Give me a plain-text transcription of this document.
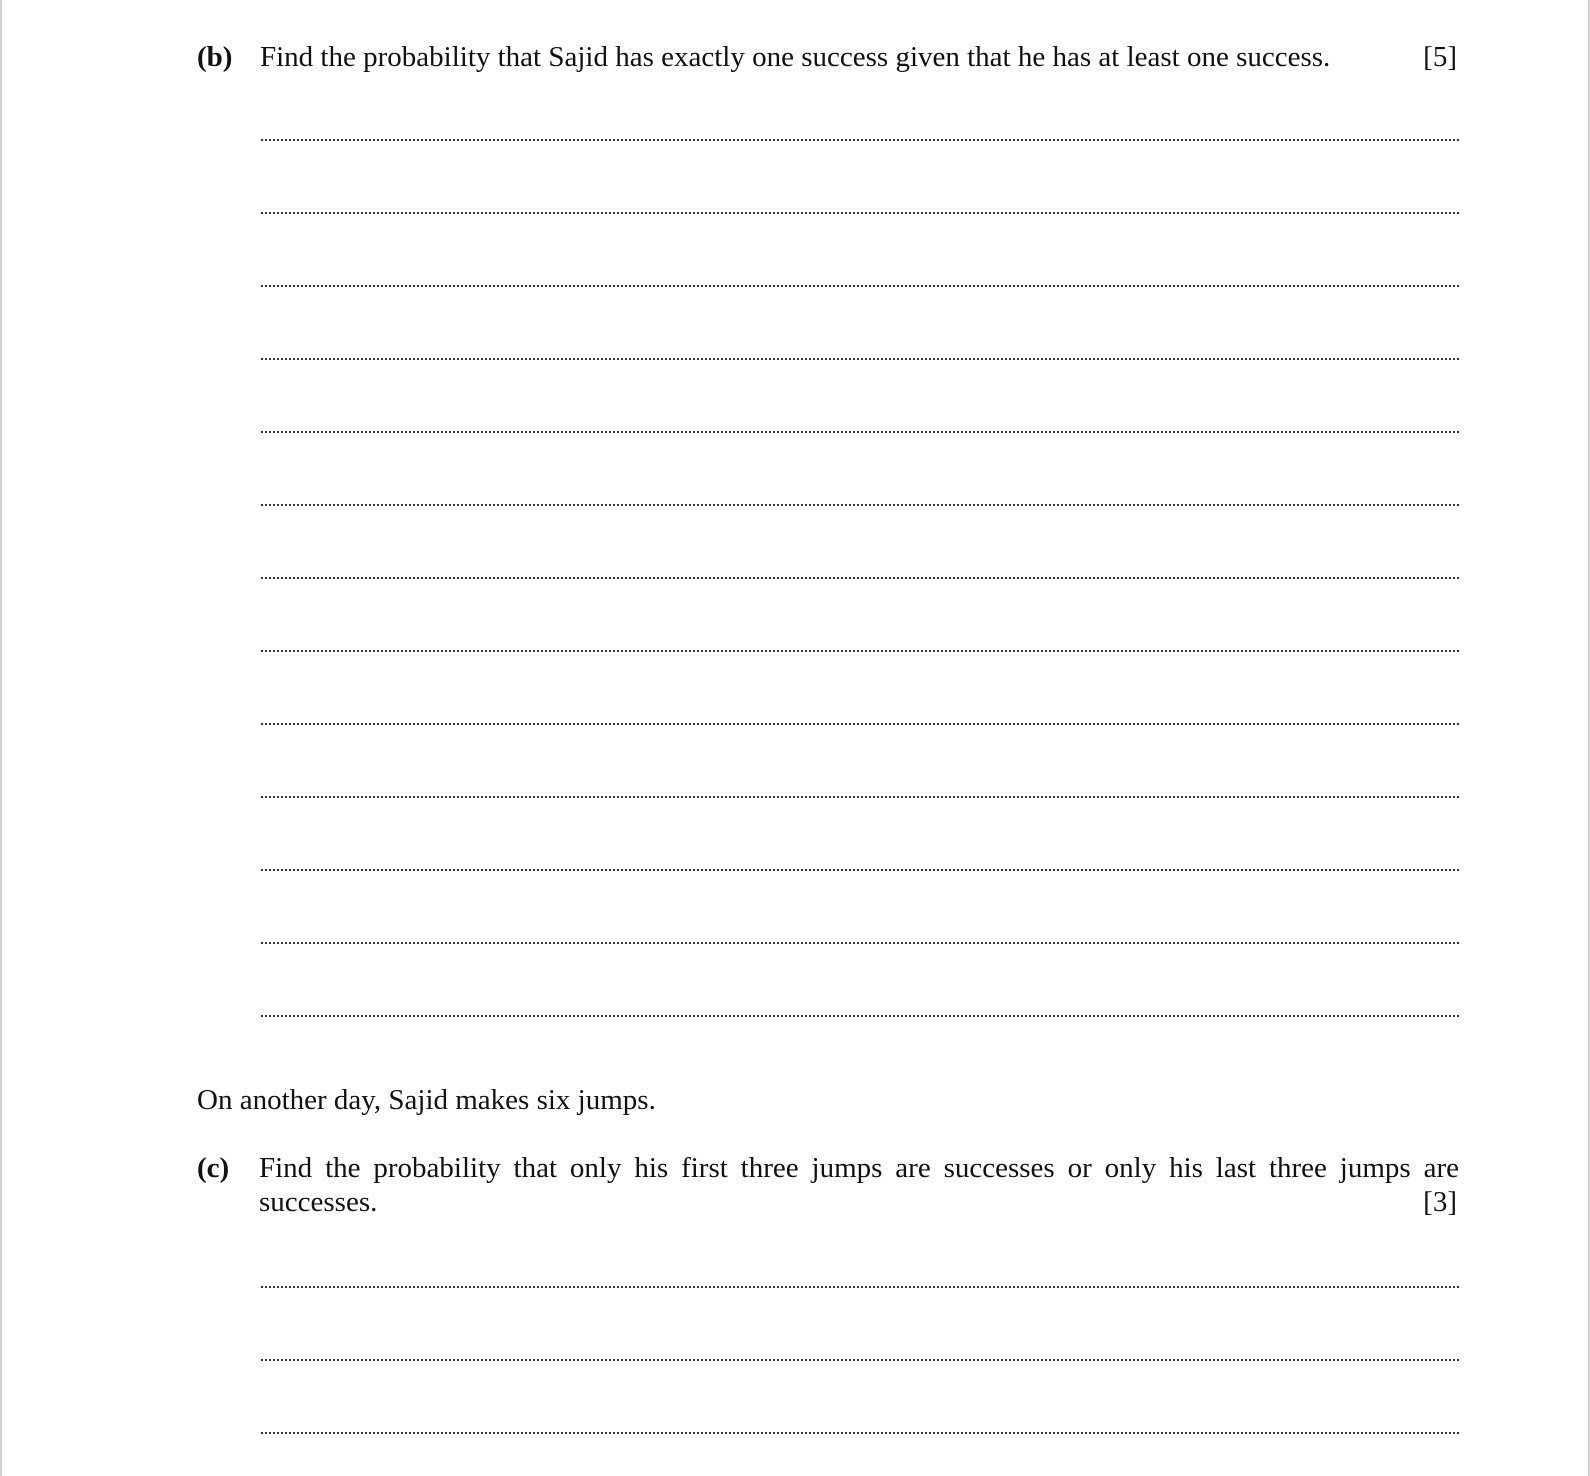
(b) Find the probability that Sajid has exactly one success given that he has at least one success.	[5]
On another day, Sajid makes six jumps.
(c) Find the probability that only his first three jumps are successes or only his last three jumps are
successes.	[3]
